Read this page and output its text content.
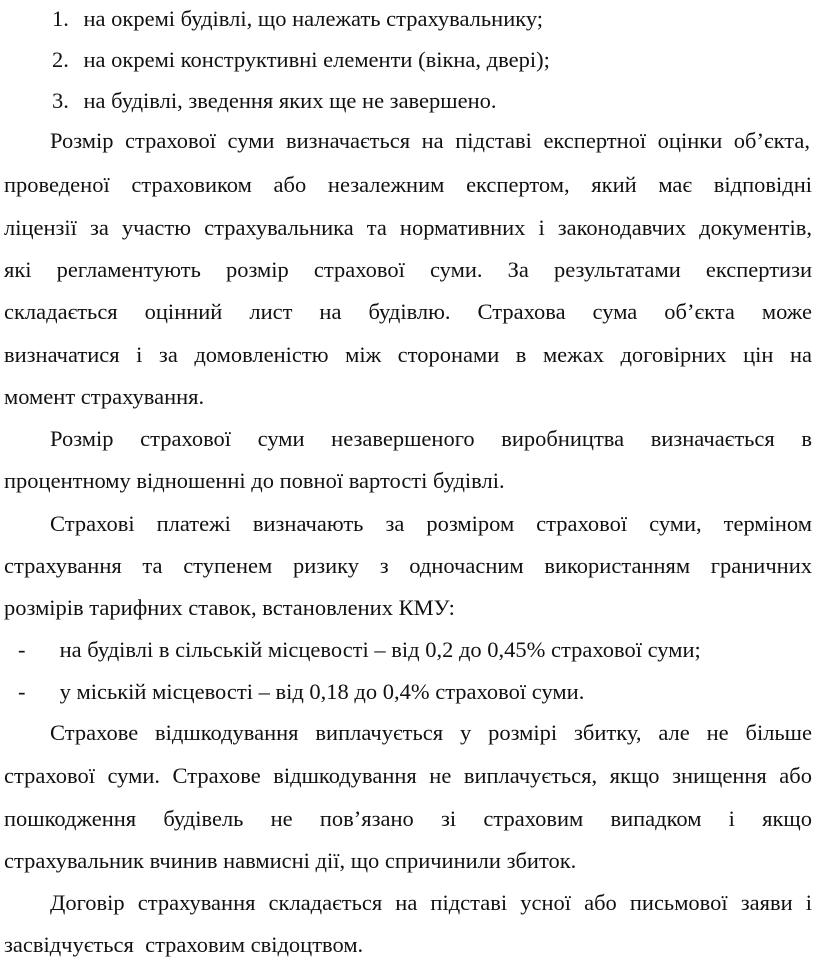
1. на окремі будівлі, що належать страхувальнику;
2. на окремі конструктивні елементи (вікна, двері);
3. на будівлі, зведення яких ще не завершено.
Розмір страхової суми визначається на підставі експертної оцінки об’єкта,
проведеної страховиком або незалежним експертом, який має відповідні
ліцензії за участю страхувальника та нормативних і законодавчих документів,
які регламентують розмір страхової суми. За результатами експертизи
складається оцінний лист на будівлю. Страхова сума об’єкта може
визначатися і за домовленістю між сторонами в межах договірних цін на
момент страхування.
Розмір страхової суми незавершеного виробництва визначається в
процентному відношенні до повної вартості будівлі.
Страхові платежі визначають за розміром страхової суми, терміном
страхування та ступенем ризику з одночасним використанням граничних
розмірів тарифних ставок, встановлених КМУ:
- на будівлі в сільській місцевості – від 0,2 до 0,45% страхової суми;
- у міській місцевості – від 0,18 до 0,4% страхової суми.
Страхове відшкодування виплачується у розмірі збитку, але не більше
страхової суми. Страхове відшкодування не виплачується, якщо знищення або
пошкодження будівель не пов’язано зі страховим випадком і якщо
страхувальник вчинив навмисні дії, що спричинили збиток.
Договір страхування складається на підставі усної або письмової заяви і
засвідчується  страховим свідоцтвом.
